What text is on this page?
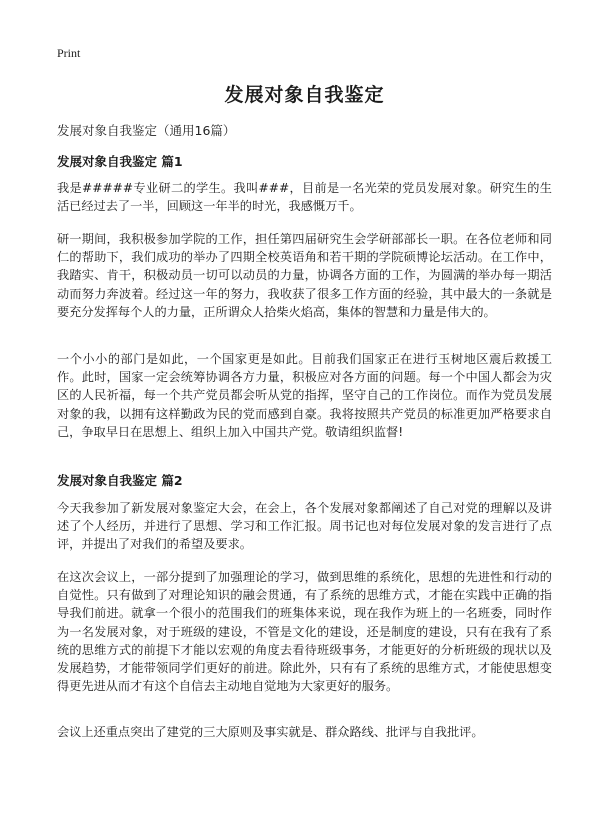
Print
发展对象自我鉴定
发展对象自我鉴定（通用16篇）
发展对象自我鉴定 篇1
我是#####专业研二的学生。我叫###，目前是一名光荣的党员发展对象。研究生的生活已经过去了一半，回顾这一年半的时光，我感慨万千。
研一期间，我积极参加学院的工作，担任第四届研究生会学研部部长一职。在各位老师和同仁的帮助下，我们成功的举办了四期全校英语角和若干期的学院硕博论坛活动。在工作中，我踏实、肯干，积极动员一切可以动员的力量，协调各方面的工作，为圆满的举办每一期活动而努力奔波着。经过这一年的努力，我收获了很多工作方面的经验，其中最大的一条就是要充分发挥每个人的力量，正所谓众人拾柴火焰高，集体的智慧和力量是伟大的。
一个小小的部门是如此，一个国家更是如此。目前我们国家正在进行玉树地区震后救援工作。此时，国家一定会统筹协调各方力量，积极应对各方面的问题。每一个中国人都会为灾区的人民祈福，每一个共产党员都会听从党的指挥，坚守自己的工作岗位。而作为党员发展对象的我，以拥有这样勤政为民的党而感到自豪。我将按照共产党员的标准更加严格要求自己，争取早日在思想上、组织上加入中国共产党。敬请组织监督!
发展对象自我鉴定 篇2
今天我参加了新发展对象鉴定大会，在会上，各个发展对象都阐述了自己对党的理解以及讲述了个人经历，并进行了思想、学习和工作汇报。周书记也对每位发展对象的发言进行了点评，并提出了对我们的希望及要求。
在这次会议上，一部分提到了加强理论的学习，做到思维的系统化，思想的先进性和行动的自觉性。只有做到了对理论知识的融会贯通，有了系统的思维方式，才能在实践中正确的指导我们前进。就拿一个很小的范围我们的班集体来说，现在我作为班上的一名班委，同时作为一名发展对象，对于班级的建设，不管是文化的建设，还是制度的建设，只有在我有了系统的思维方式的前提下才能以宏观的角度去看待班级事务，才能更好的分析班级的现状以及发展趋势，才能带领同学们更好的前进。除此外，只有有了系统的思维方式，才能使思想变得更先进从而才有这个自信去主动地自觉地为大家更好的服务。
会议上还重点突出了建党的三大原则及事实就是、群众路线、批评与自我批评。
